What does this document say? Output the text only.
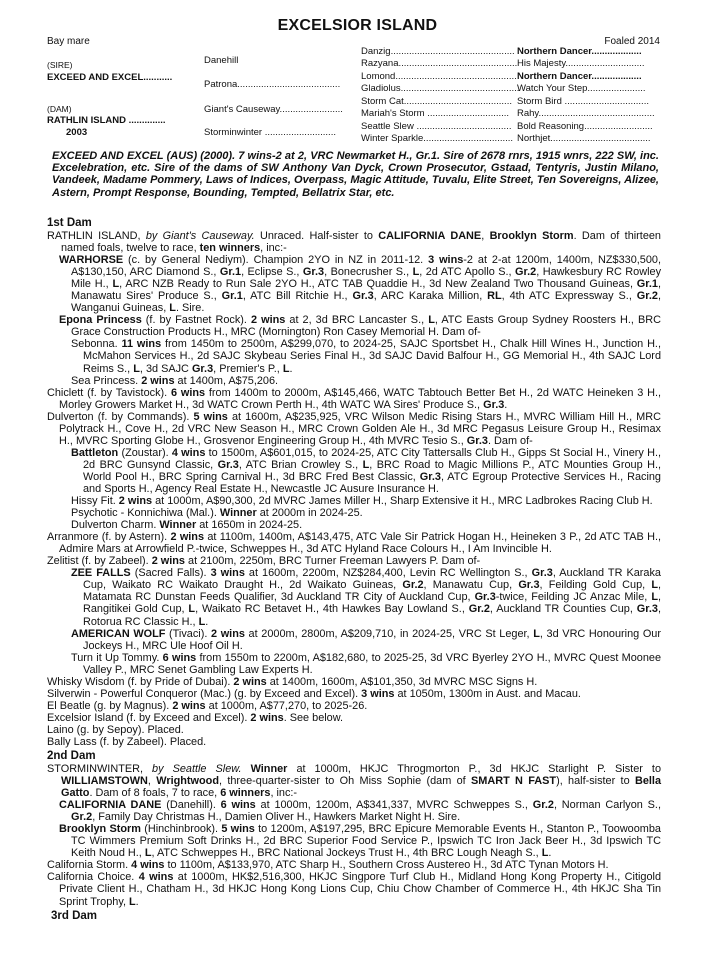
EXCELSIOR ISLAND
Bay mare	Foaled 2014
(SIRE)
EXCEED AND EXCEL...........
(DAM)
RATHLIN ISLAND ..............
2003
Danehill
Patrona.......................................
Giant's Causeway........................
Storminwinter ...........................
Danzig...............................................
Razyana.............................................
Lomond..............................................
Gladiolus.............................................
Storm Cat.........................................
Mariah's Storm ...............................
Seattle Slew ....................................
Winter Sparkle..................................
Northern Dancer...................
His Majesty..............................
Northern Dancer...................
Watch Your Step......................
Storm Bird ................................
Rahy............................................
Bold Reasoning..........................
Northjet......................................
EXCEED AND EXCEL (AUS) (2000). 7 wins-2 at 2, VRC Newmarket H., Gr.1. Sire of 2678 rnrs, 1915 wnrs, 222 SW, inc. Excelebration, etc. Sire of the dams of SW Anthony Van Dyck, Crown Prosecutor, Gstaad, Tentyris, Justin Milano, Vandeek, Madame Pommery, Laws of Indices, Overpass, Magic Attitude, Tuvalu, Elite Street, Ten Sovereigns, Alizee, Astern, Prompt Response, Bounding, Tempted, Bellatrix Star, etc.
1st Dam
RATHLIN ISLAND, by Giant's Causeway. Unraced. Half-sister to CALIFORNIA DANE, Brooklyn Storm. Dam of thirteen named foals, twelve to race, ten winners, inc:-
WARHORSE (c. by General Nediym). Champion 2YO in NZ in 2011-12. 3 wins-2 at 2-at 1200m, 1400m, NZ$330,500, A$130,150, ARC Diamond S., Gr.1, Eclipse S., Gr.3, Bonecrusher S., L, 2d ATC Apollo S., Gr.2, Hawkesbury RC Rowley Mile H., L, ARC NZB Ready to Run Sale 2YO H., ATC TAB Quaddie H., 3d New Zealand Two Thousand Guineas, Gr.1, Manawatu Sires' Produce S., Gr.1, ATC Bill Ritchie H., Gr.3, ARC Karaka Million, RL, 4th ATC Expressway S., Gr.2, Wanganui Guineas, L. Sire.
Epona Princess (f. by Fastnet Rock). 2 wins at 2, 3d BRC Lancaster S., L, ATC Easts Group Sydney Roosters H., BRC Grace Construction Products H., MRC (Mornington) Ron Casey Memorial H. Dam of-
Sebonna. 11 wins from 1450m to 2500m, A$299,070, to 2024-25, SAJC Sportsbet H., Chalk Hill Wines H., Junction H., McMahon Services H., 2d SAJC Skybeau Series Final H., 3d SAJC David Balfour H., GG Memorial H., 4th SAJC Lord Reims S., L, 3d SAJC Gr.3, Premier's P., L.
Sea Princess. 2 wins at 1400m, A$75,206.
Chiclett (f. by Tavistock). 6 wins from 1400m to 2000m, A$145,466, WATC Tabtouch Better Bet H., 2d WATC Heineken 3 H., Morley Growers Market H., 3d WATC Crown Perth H., 4th WATC WA Sires' Produce S., Gr.3.
Dulverton (f. by Commands). 5 wins at 1600m, A$235,925, VRC Wilson Medic Rising Stars H., MVRC William Hill H., MRC Polytrack H., Cove H., 2d VRC New Season H., MRC Crown Golden Ale H., 3d MRC Pegasus Leisure Group H., Resimax H., MVRC Sporting Globe H., Grosvenor Engineering Group H., 4th MVRC Tesio S., Gr.3. Dam of-
Battleton (Zoustar). 4 wins to 1500m, A$601,015, to 2024-25, ATC City Tattersalls Club H., Gipps St Social H., Vinery H., 2d BRC Gunsynd Classic, Gr.3, ATC Brian Crowley S., L, BRC Road to Magic Millions P., ATC Mounties Group H., World Pool H., BRC Spring Carnival H., 3d BRC Fred Best Classic, Gr.3, ATC Egroup Protective Services H., Racing and Sports H., Agency Real Estate H., Newcastle JC Ausure Insurance H.
Hissy Fit. 2 wins at 1000m, A$90,300, 2d MVRC James Miller H., Sharp Extensive it H., MRC Ladbrokes Racing Club H.
Psychotic - Konnichiwa (Mal.). Winner at 2000m in 2024-25.
Dulverton Charm. Winner at 1650m in 2024-25.
Arranmore (f. by Astern). 2 wins at 1100m, 1400m, A$143,475, ATC Vale Sir Patrick Hogan H., Heineken 3 P., 2d ATC TAB H., Admire Mars at Arrowfield P.-twice, Schweppes H., 3d ATC Hyland Race Colours H., I Am Invincible H.
Zelitist (f. by Zabeel). 2 wins at 2100m, 2250m, BRC Turner Freeman Lawyers P. Dam of-
ZEE FALLS (Sacred Falls). 3 wins at 1600m, 2200m, NZ$284,400, Levin RC Wellington S., Gr.3, Auckland TR Karaka Cup, Waikato RC Waikato Draught H., 2d Waikato Guineas, Gr.2, Manawatu Cup, Gr.3, Feilding Gold Cup, L, Matamata RC Dunstan Feeds Qualifier, 3d Auckland TR City of Auckland Cup, Gr.3-twice, Feilding JC Anzac Mile, L, Rangitikei Gold Cup, L, Waikato RC Betavet H., 4th Hawkes Bay Lowland S., Gr.2, Auckland TR Counties Cup, Gr.3, Rotorua RC Classic H., L.
AMERICAN WOLF (Tivaci). 2 wins at 2000m, 2800m, A$209,710, in 2024-25, VRC St Leger, L, 3d VRC Honouring Our Jockeys H., MRC Ule Hoof Oil H.
Turn it Up Tommy. 6 wins from 1550m to 2200m, A$182,680, to 2025-25, 3d VRC Byerley 2YO H., MVRC Quest Moonee Valley P., MRC Senet Gambling Law Experts H.
Whisky Wisdom (f. by Pride of Dubai). 2 wins at 1400m, 1600m, A$101,350, 3d MVRC MSC Signs H.
Silverwin - Powerful Conqueror (Mac.) (g. by Exceed and Excel). 3 wins at 1050m, 1300m in Aust. and Macau.
El Beatle (g. by Magnus). 2 wins at 1000m, A$77,270, to 2025-26.
Excelsior Island (f. by Exceed and Excel). 2 wins. See below.
Laino (g. by Sepoy). Placed.
Bally Lass (f. by Zabeel). Placed.
2nd Dam
STORMINWINTER, by Seattle Slew. Winner at 1000m, HKJC Throgmorton P., 3d HKJC Starlight P. Sister to WILLIAMSTOWN, Wrightwood, three-quarter-sister to Oh Miss Sophie (dam of SMART N FAST), half-sister to Bella Gatto. Dam of 8 foals, 7 to race, 6 winners, inc:-
CALIFORNIA DANE (Danehill). 6 wins at 1000m, 1200m, A$341,337, MVRC Schweppes S., Gr.2, Norman Carlyon S., Gr.2, Family Day Christmas H., Damien Oliver H., Hawkers Market Night H. Sire.
Brooklyn Storm (Hinchinbrook). 5 wins to 1200m, A$197,295, BRC Epicure Memorable Events H., Stanton P., Toowoomba TC Wimmers Premium Soft Drinks H., 2d BRC Superior Food Service P., Ipswich TC Iron Jack Beer H., 3d Ipswich TC Keith Noud H., L, ATC Schweppes H., BRC National Jockeys Trust H., 4th BRC Lough Neagh S., L.
California Storm. 4 wins to 1100m, A$133,970, ATC Sharp H., Southern Cross Austereo H., 3d ATC Tynan Motors H.
California Choice. 4 wins at 1000m, HK$2,516,300, HKJC Singpore Turf Club H., Midland Hong Kong Property H., Citigold Private Client H., Chatham H., 3d HKJC Hong Kong Lions Cup, Chiu Chow Chamber of Commerce H., 4th HKJC Sha Tin Sprint Trophy, L.
3rd Dam
